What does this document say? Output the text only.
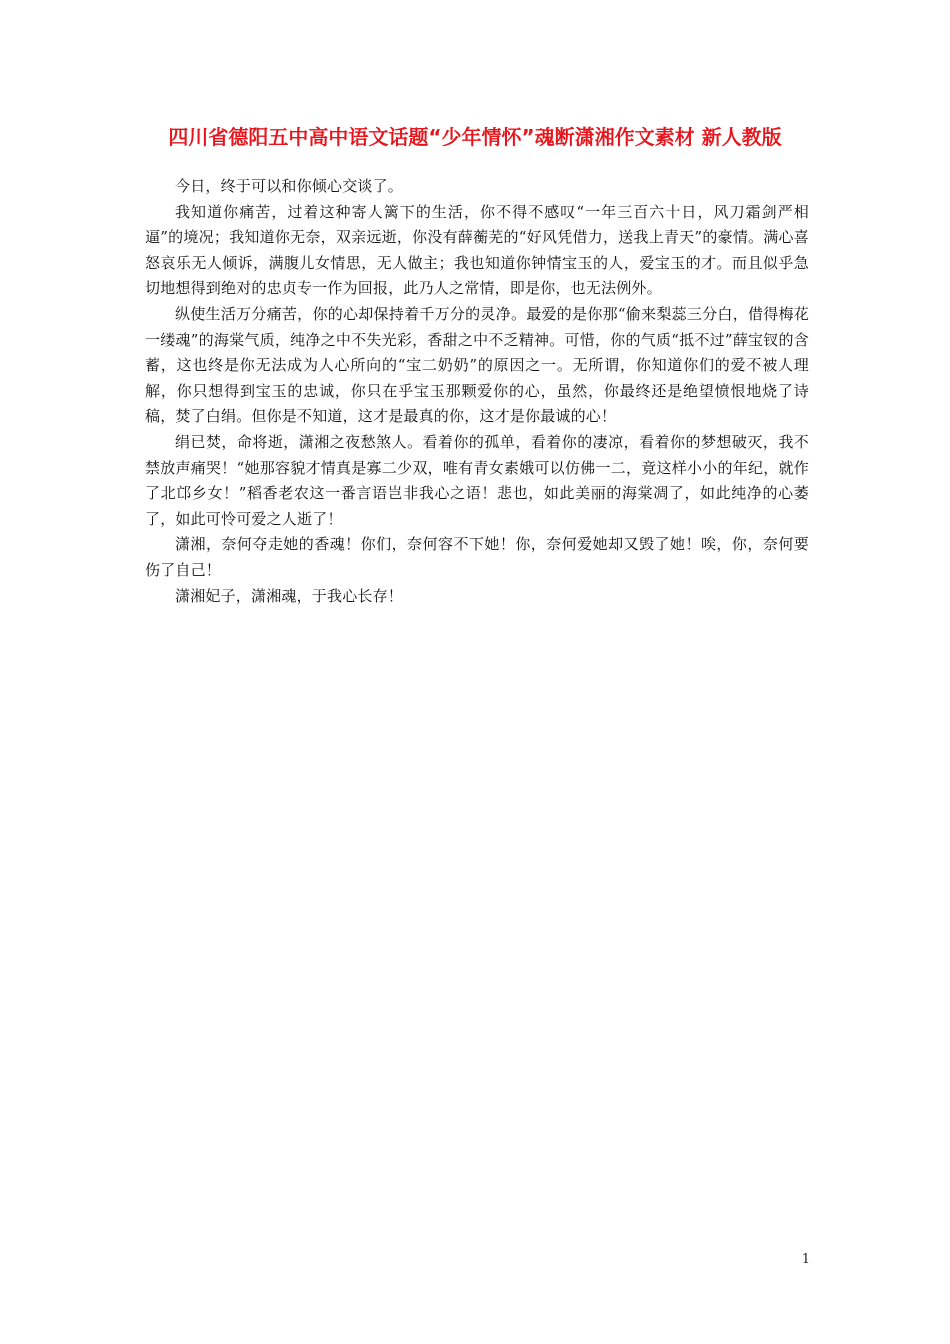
四川省德阳五中高中语文话题“少年情怀”魂断潇湘作文素材 新人教版

今日，终于可以和你倾心交谈了。

我知道你痛苦，过着这种寄人篱下的生活，你不得不感叹“一年三百六十日，风刀霜剑严相逼”的境况；我知道你无奈，双亲远逝，你没有薛蘅芜的“好风凭借力，送我上青天”的豪情。满心喜怒哀乐无人倾诉，满腹儿女情思，无人做主；我也知道你钟情宝玉的人，爱宝玉的才。而且似乎急切地想得到绝对的忠贞专一作为回报，此乃人之常情，即是你，也无法例外。

纵使生活万分痛苦，你的心却保持着千万分的灵净。最爱的是你那“偷来梨蕊三分白，借得梅花一缕魂”的海棠气质，纯净之中不失光彩，香甜之中不乏精神。可惜，你的气质“抵不过”薛宝钗的含蓄，这也终是你无法成为人心所向的“宝二奶奶”的原因之一。无所谓，你知道你们的爱不被人理解，你只想得到宝玉的忠诚，你只在乎宝玉那颗爱你的心，虽然，你最终还是绝望愤恨地烧了诗稿，焚了白绢。但你是不知道，这才是最真的你，这才是你最诚的心！

绢已焚，命将逝，潇湘之夜愁煞人。看着你的孤单，看着你的凄凉，看着你的梦想破灭，我不禁放声痛哭！“她那容貌才情真是寡二少双，唯有青女素娥可以仿佛一二，竟这样小小的年纪，就作了北邙乡女！”稻香老农这一番言语岂非我心之语！悲也，如此美丽的海棠凋了，如此纯净的心萎了，如此可怜可爱之人逝了！

潇湘，奈何夺走她的香魂！你们，奈何容不下她！你，奈何爱她却又毁了她！唉，你，奈何要伤了自己！

潇湘妃子，潇湘魂，于我心长存！

1
